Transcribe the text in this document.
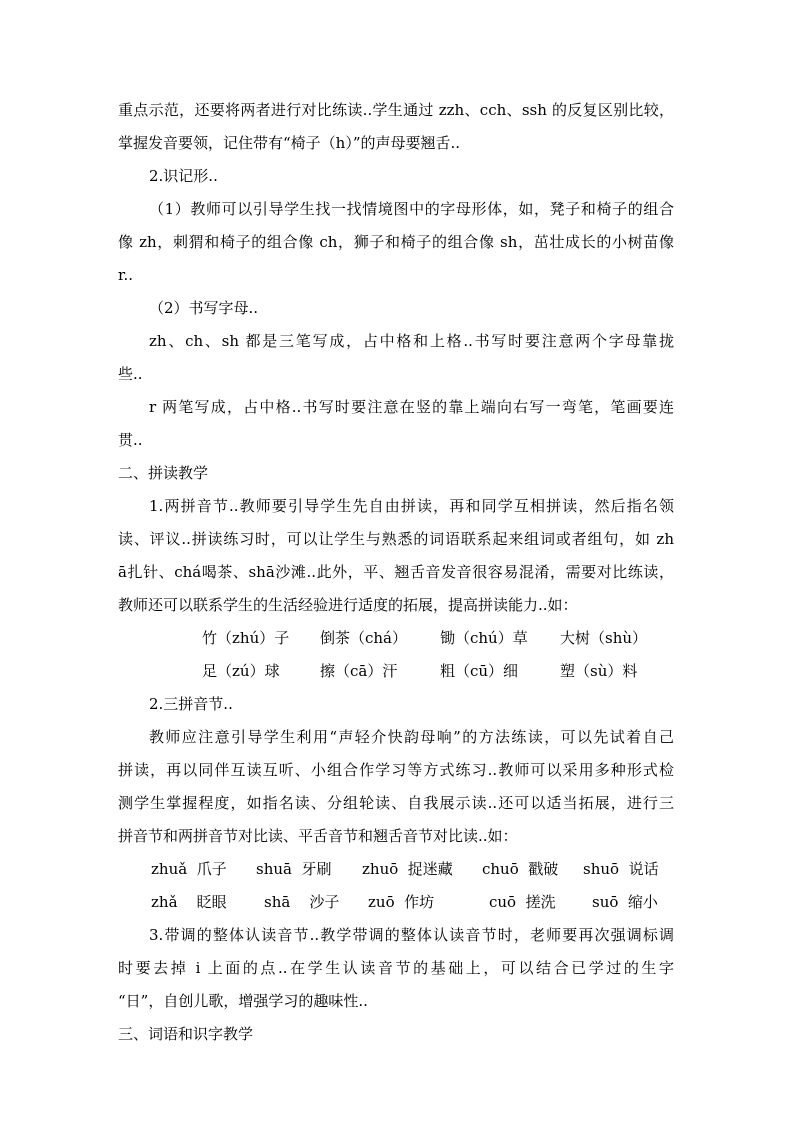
重点示范，还要将两者进行对比练读..学生通过 zzh、cch、ssh 的反复区别比较，
掌握发音要领，记住带有“椅子（h）”的声母要翘舌..
2.识记形..
（1）教师可以引导学生找一找情境图中的字母形体，如，凳子和椅子的组合
像 zh，刺猬和椅子的组合像 ch，狮子和椅子的组合像 sh，茁壮成长的小树苗像
r..
（2）书写字母..
zh、ch、sh 都是三笔写成，占中格和上格..书写时要注意两个字母靠拢
些..
r 两笔写成，占中格..书写时要注意在竖的靠上端向右写一弯笔，笔画要连
贯..
二、拼读教学
1.两拼音节..教师要引导学生先自由拼读，再和同学互相拼读，然后指名领
读、评议..拼读练习时，可以让学生与熟悉的词语联系起来组词或者组句，如 zh
ā扎针、chá喝茶、shā沙滩..此外，平、翘舌音发音很容易混淆，需要对比练读，
教师还可以联系学生的生活经验进行适度的拓展，提高拼读能力..如：
竹（zhú）子 倒茶（chá） 锄（chú）草 大树（shù）
足（zú）球	擦（cā）汗	粗（cū）细	塑（sù）料
2.三拼音节..
教师应注意引导学生利用“声轻介快韵母响”的方法练读，可以先试着自己
拼读，再以同伴互读互听、小组合作学习等方式练习..教师可以采用多种形式检
测学生掌握程度，如指名读、分组轮读、自我展示读..还可以适当拓展，进行三
拼音节和两拼音节对比读、平舌音节和翘舌音节对比读..如：
zhuǎ  爪子 shuā  牙刷 zhuō  捉迷藏 chuō  戳破 shuō  说话
zhǎ    眨眼 shā    沙子 zuō  作坊	cuō  搓洗 suō  缩小
3.带调的整体认读音节..教学带调的整体认读音节时，老师要再次强调标调
时要去掉 i 上面的点..在学生认读音节的基础上，可以结合已学过的生字
“日”，自创儿歌，增强学习的趣味性..
三、词语和识字教学
